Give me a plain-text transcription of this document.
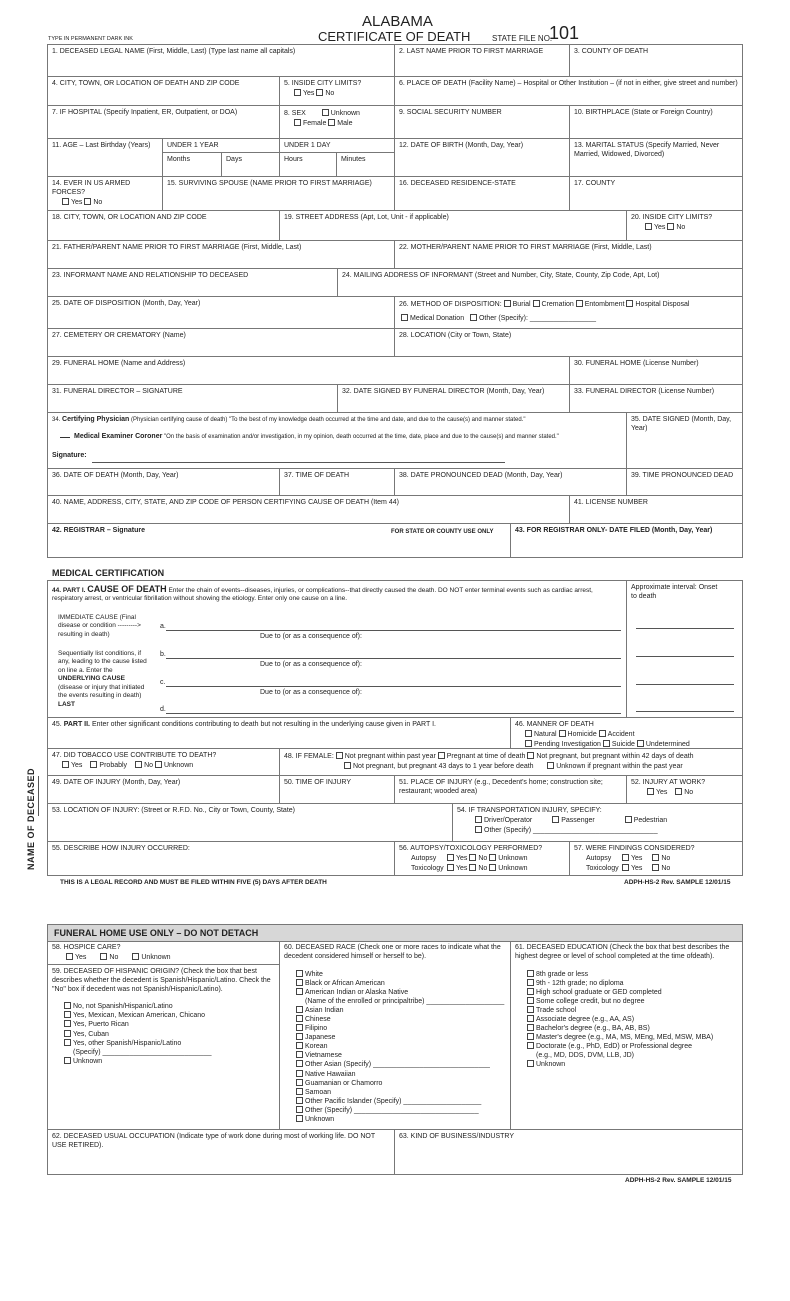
TYPE IN PERMANENT DARK INK
ALABAMA
CERTIFICATE OF DEATH	STATE FILE NO.
101
1. DECEASED LEGAL NAME (First, Middle, Last) (Type last name all capitals)	2. LAST NAME PRIOR TO FIRST MARRIAGE	3. COUNTY OF DEATH
4. CITY, TOWN, OR LOCATION OF DEATH AND ZIP CODE	5. INSIDE CITY LIMITS?
Yes No
6. PLACE OF DEATH (Facility Name) – Hospital or Other Institution – (if not in either, give street and number)
7. IF HOSPITAL (Specify Inpatient, ER, Outpatient, or DOA)	8. SEX	Unknown
Female Male
9. SOCIAL SECURITY NUMBER	10. BIRTHPLACE (State or Foreign Country)
11. AGE – Last Birthday (Years)	UNDER 1 YEAR	UNDER 1 DAY
Months	Days	Hours	Minutes
12. DATE OF BIRTH (Month, Day, Year)	13. MARITAL STATUS (Specify Married, Never Married, Widowed, Divorced)
14. EVER IN US ARMED FORCES?
Yes No
15. SURVIVING SPOUSE (NAME PRIOR TO FIRST MARRIAGE)	16. DECEASED RESIDENCE-STATE	17. COUNTY
18. CITY, TOWN, OR LOCATION AND ZIP CODE	19. STREET ADDRESS (Apt, Lot, Unit - if applicable)	20. INSIDE CITY LIMITS?
Yes No
21. FATHER/PARENT NAME PRIOR TO FIRST MARRIAGE (First, Middle, Last)	22. MOTHER/PARENT NAME PRIOR TO FIRST MARRIAGE (First, Middle, Last)
23. INFORMANT NAME AND RELATIONSHIP TO DECEASED	24. MAILING ADDRESS OF INFORMANT (Street and Number, City, State, County, Zip Code, Apt, Lot)
25. DATE OF DISPOSITION (Month, Day, Year)	26. METHOD OF DISPOSITION: Burial Cremation Entombment Hospital Disposal
Medical Donation Other (Specify): _________________
27. CEMETERY OR CREMATORY (Name)	28. LOCATION (City or Town, State)
29. FUNERAL HOME (Name and Address)	30. FUNERAL HOME (License Number)
31. FUNERAL DIRECTOR – SIGNATURE	32. DATE SIGNED BY FUNERAL DIRECTOR (Month, Day, Year)	33. FUNERAL DIRECTOR (License Number)
34. Certifying Physician (Physician certifying cause of death) "To the best of my knowledge death occurred at the time and date, and due to the cause(s) and manner stated."
Medical Examiner Coroner "On the basis of examination and/or investigation, in my opinion, death occurred at the time, date, place and due to the cause(s) and manner stated."
Signature:
35. DATE SIGNED (Month, Day, Year)
36. DATE OF DEATH (Month, Day, Year)	37. TIME OF DEATH	38. DATE PRONOUNCED DEAD (Month, Day, Year)	39. TIME PRONOUNCED DEAD
40. NAME, ADDRESS, CITY, STATE, AND ZIP CODE OF PERSON CERTIFYING CAUSE OF DEATH (Item 44)	41. LICENSE NUMBER
42. REGISTRAR – Signature	FOR STATE OR COUNTY USE ONLY	43. FOR REGISTRAR ONLY- DATE FILED (Month, Day, Year)
MEDICAL CERTIFICATION
44. PART I. CAUSE OF DEATH Enter the chain of events--diseases, injuries, or complications--that directly caused the death. DO NOT enter terminal events such as cardiac arrest, respiratory arrest, or ventricular fibrillation without showing the etiology. Enter only one cause on a line.
IMMEDIATE CAUSE (Final disease or condition ---------> resulting in death)
Sequentially list conditions, if any, leading to the cause listed on line a. Enter the UNDERLYING CAUSE (disease or injury that initiated the events resulting in death) LAST
a.
Due to (or as a consequence of):
b.
Due to (or as a consequence of):
c.
Due to (or as a consequence of):
d.
Approximate interval: Onset to death
45. PART II. Enter other significant conditions contributing to death but not resulting in the underlying cause given in PART I.	46. MANNER OF DEATH
Natural Homicide Accident
Pending Investigation Suicide Undetermined
47. DID TOBACCO USE CONTRIBUTE TO DEATH?
Yes Probably No Unknown
48. IF FEMALE: Not pregnant within past year Pregnant at time of death Not pregnant, but pregnant within 42 days of death
Not pregnant, but pregnant 43 days to 1 year before death	Unknown if pregnant within the past year
49. DATE OF INJURY (Month, Day, Year)	50. TIME OF INJURY	51. PLACE OF INJURY (e.g., Decedent's home; construction site; restaurant; wooded area)
52. INJURY AT WORK?
Yes No
53. LOCATION OF INJURY: (Street or R.F.D. No., City or Town, County, State)	54. IF TRANSPORTATION INJURY, SPECIFY:
Driver/Operator	Passenger	Pedestrian
Other (Specify) ________________________________
55. DESCRIBE HOW INJURY OCCURRED:	56. AUTOPSY/TOXICOLOGY PERFORMED?
Autopsy	Yes No Unknown
Toxicology Yes No Unknown
57. WERE FINDINGS CONSIDERED?
Autopsy	Yes	No
Toxicology Yes	No
NAME OF DECEASED
THIS IS A LEGAL RECORD AND MUST BE FILED WITHIN FIVE (5) DAYS AFTER DEATH	ADPH-HS-2 Rev. SAMPLE 12/01/15
FUNERAL HOME USE ONLY – DO NOT DETACH
58. HOSPICE CARE?
Yes	No	Unknown
59. DECEASED OF HISPANIC ORIGIN? (Check the box that best describes whether the decedent is Spanish/Hispanic/Latino. Check the "No" box if decedent was not Spanish/Hispanic/Latino).
No, not Spanish/Hispanic/Latino
Yes, Mexican, Mexican American, Chicano
Yes, Puerto Rican
Yes, Cuban
Yes, other Spanish/Hispanic/Latino
(Specify) ____________________________
Unknown
60. DECEASED RACE (Check one or more races to indicate what the decedent considered himself or herself to be).
White
Black or African American
American Indian or Alaska Native
(Name of the enrolled or principaltribe) ____________________
Asian Indian
Chinese
Filipino
Japanese
Korean
Vietnamese
Other Asian (Specify) ______________________________
Native Hawaiian
Guamanian or Chamorro
Samoan
Other Pacific Islander (Specify) ____________________
Other (Specify) ________________________________
Unknown
61. DECEASED EDUCATION (Check the box that best describes the highest degree or level of school completed at the time ofdeath).
8th grade or less
9th - 12th grade; no diploma
High school graduate or GED completed
Some college credit, but no degree
Trade school
Associate degree (e.g., AA, AS)
Bachelor's degree (e.g., BA, AB, BS)
Master's degree (e.g., MA, MS, MEng, MEd, MSW, MBA)
Doctorate (e.g., PhD, EdD) or Professional degree
(e.g., MD, DDS, DVM, LLB, JD)
Unknown
62. DECEASED USUAL OCCUPATION (Indicate type of work done during most of working life. DO NOT USE RETIRED).
63. KIND OF BUSINESS/INDUSTRY
ADPH-HS-2 Rev. SAMPLE 12/01/15
